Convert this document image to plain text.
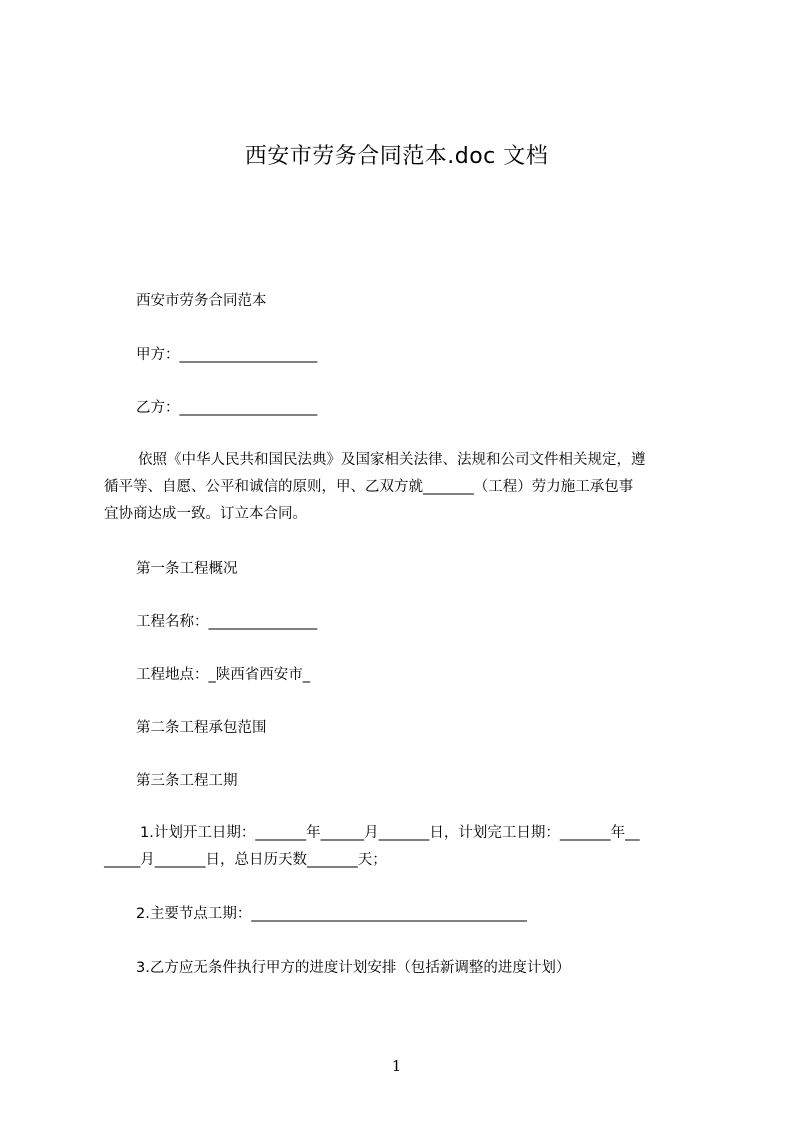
西安市劳务合同范本.doc 文档
西安市劳务合同范本
甲方：___________________
乙方：___________________
依照《中华人民共和国民法典》及国家相关法律、法规和公司文件相关规定，遵
循平等、自愿、公平和诚信的原则，甲、乙双方就_______（工程）劳力施工承包事
宜协商达成一致。订立本合同。
第一条工程概况
工程名称：_______________
工程地点：_陕西省西安市_
第二条工程承包范围
第三条工程工期
1.计划开工日期：_______年______月_______日，计划完工日期：_______年__
_____月_______日，总日历天数_______天；
2.主要节点工期：______________________________________
3.乙方应无条件执行甲方的进度计划安排（包括新调整的进度计划）
1
